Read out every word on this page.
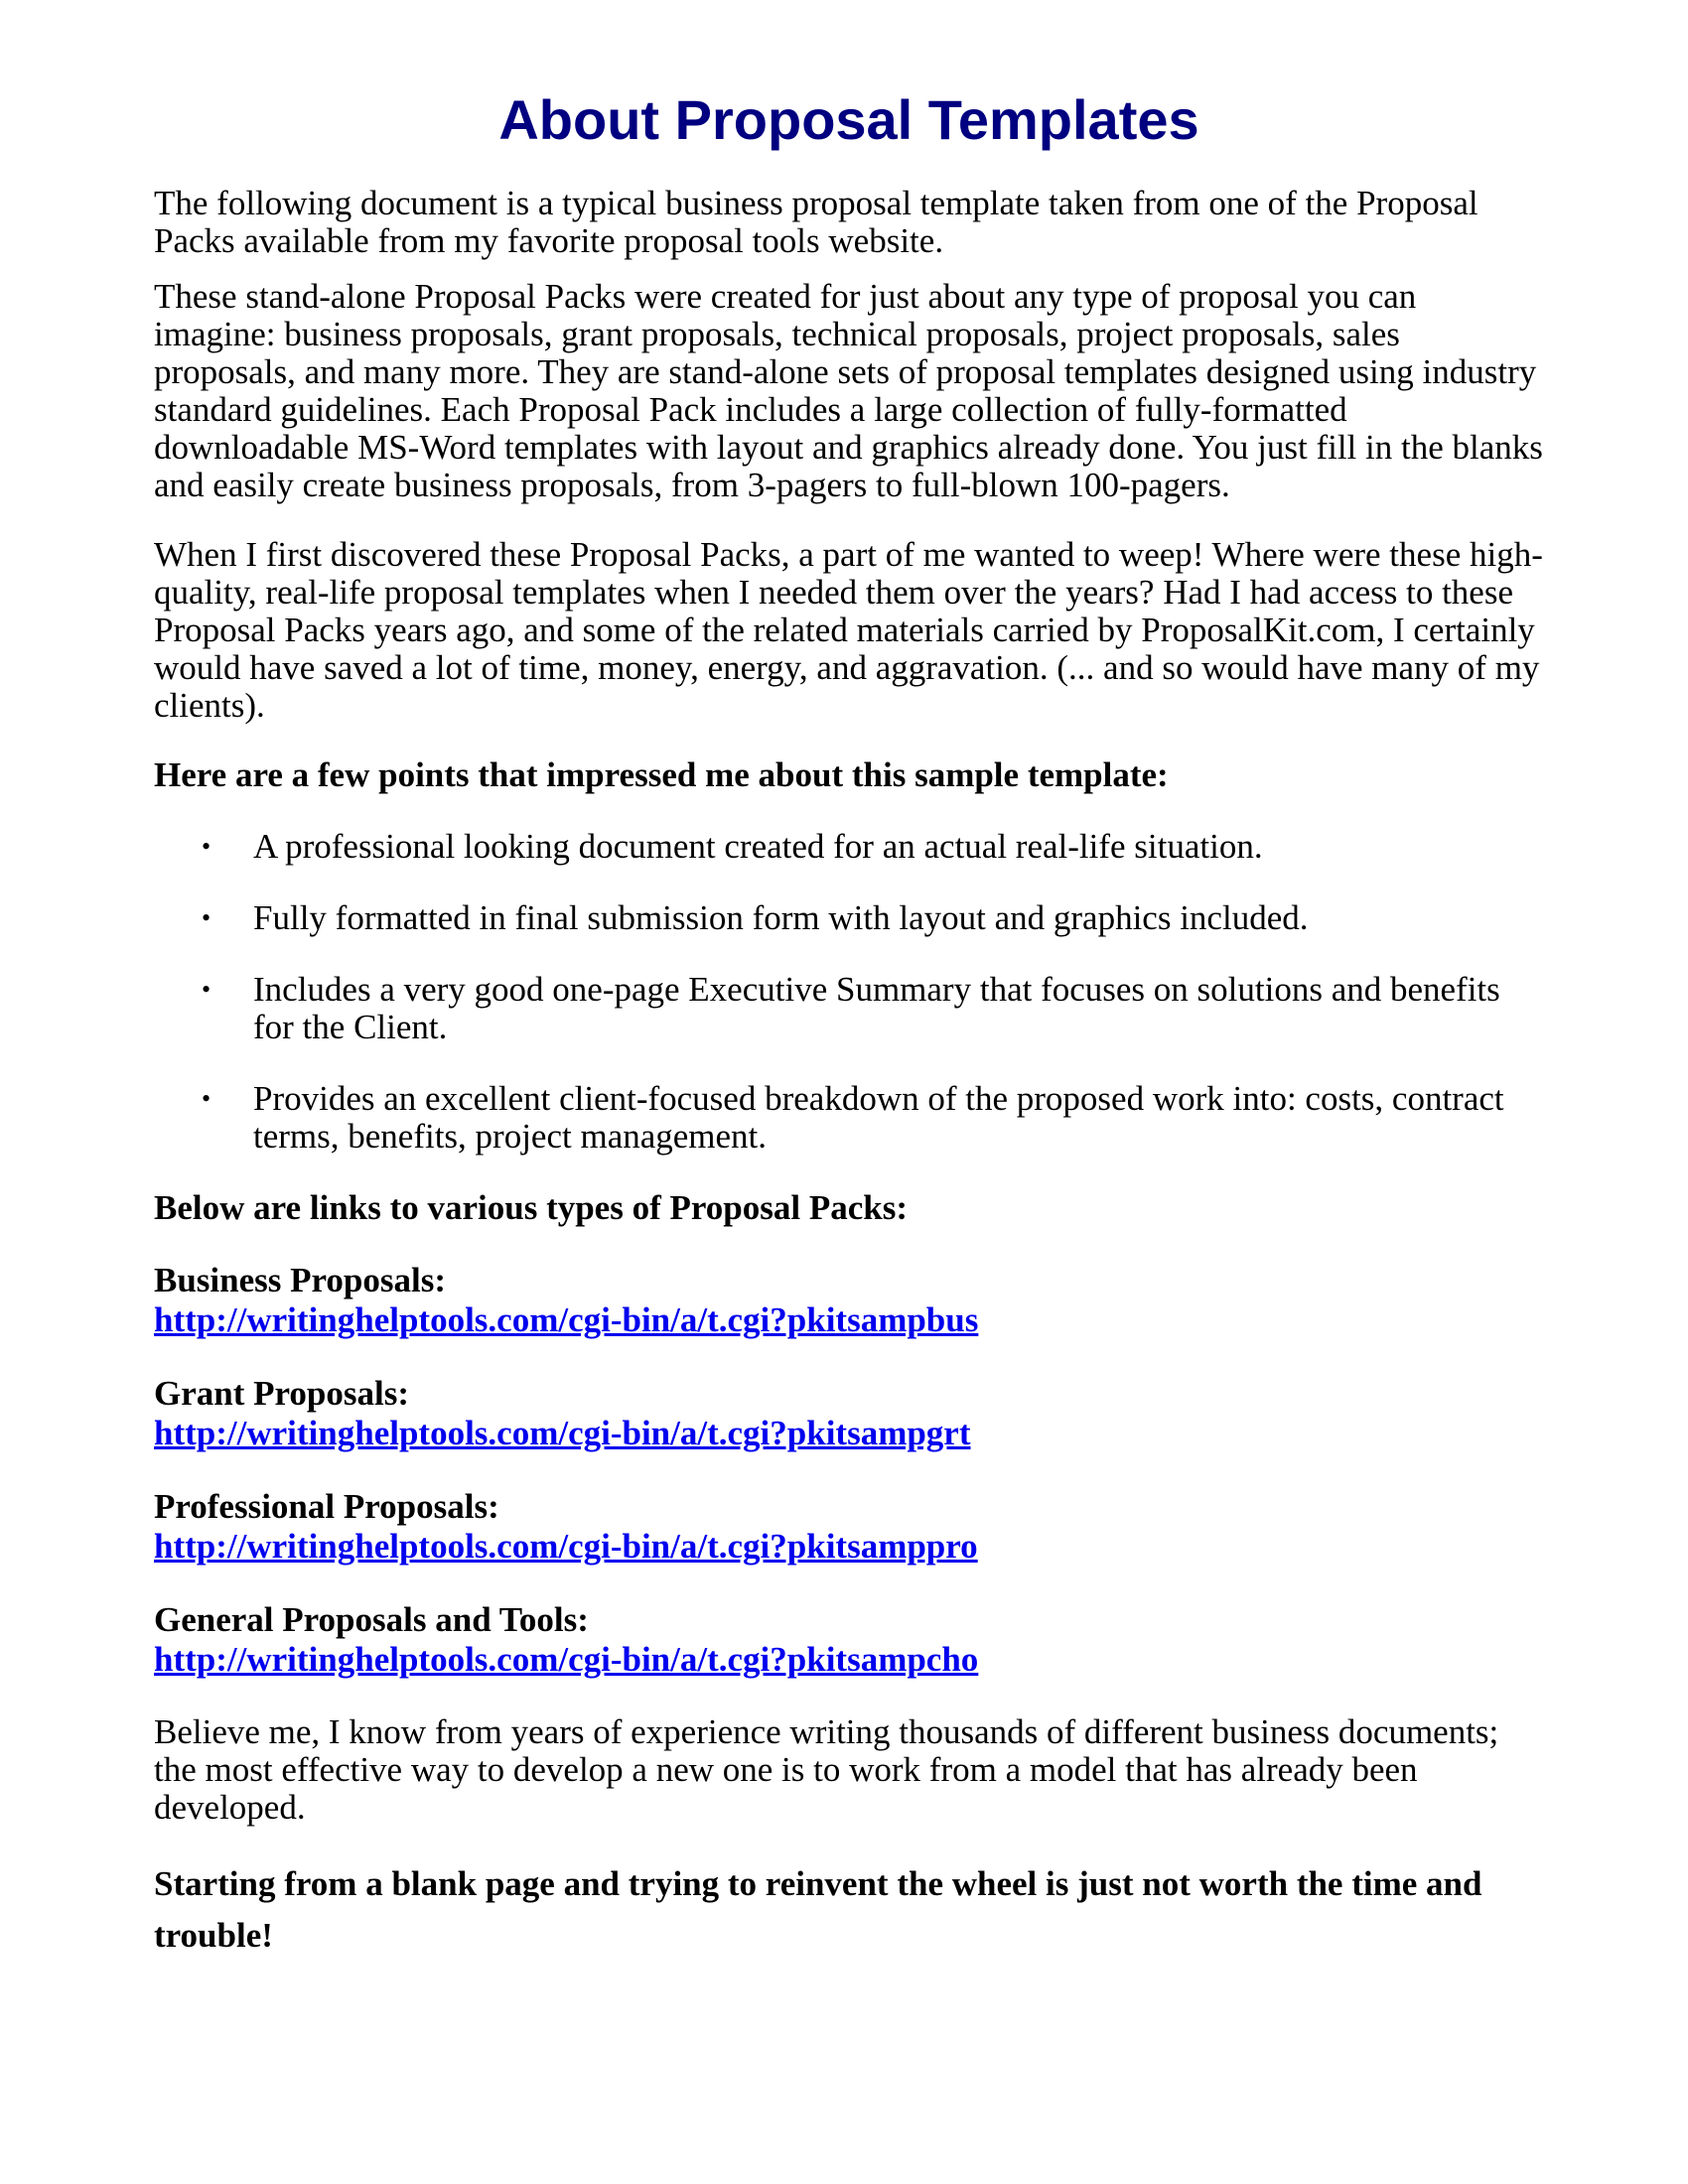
About Proposal Templates

The following document is a typical business proposal template taken from one of the Proposal Packs available from my favorite proposal tools website.

These stand-alone Proposal Packs were created for just about any type of proposal you can imagine: business proposals, grant proposals, technical proposals, project proposals, sales proposals, and many more. They are stand-alone sets of proposal templates designed using industry standard guidelines. Each Proposal Pack includes a large collection of fully-formatted downloadable MS-Word templates with layout and graphics already done. You just fill in the blanks and easily create business proposals, from 3-pagers to full-blown 100-pagers.

When I first discovered these Proposal Packs, a part of me wanted to weep! Where were these high-quality, real-life proposal templates when I needed them over the years? Had I had access to these Proposal Packs years ago, and some of the related materials carried by ProposalKit.com, I certainly would have saved a lot of time, money, energy, and aggravation. (... and so would have many of my clients).

Here are a few points that impressed me about this sample template:
• A professional looking document created for an actual real-life situation.
• Fully formatted in final submission form with layout and graphics included.
• Includes a very good one-page Executive Summary that focuses on solutions and benefits for the Client.
• Provides an excellent client-focused breakdown of the proposed work into: costs, contract terms, benefits, project management.
Below are links to various types of Proposal Packs:
Business Proposals:
http://writinghelptools.com/cgi-bin/a/t.cgi?pkitsampbus
Grant Proposals:
http://writinghelptools.com/cgi-bin/a/t.cgi?pkitsampgrt
Professional Proposals:
http://writinghelptools.com/cgi-bin/a/t.cgi?pkitsamppro
General Proposals and Tools:
http://writinghelptools.com/cgi-bin/a/t.cgi?pkitsampcho

Believe me, I know from years of experience writing thousands of different business documents; the most effective way to develop a new one is to work from a model that has already been developed.

Starting from a blank page and trying to reinvent the wheel is just not worth the time and trouble!
